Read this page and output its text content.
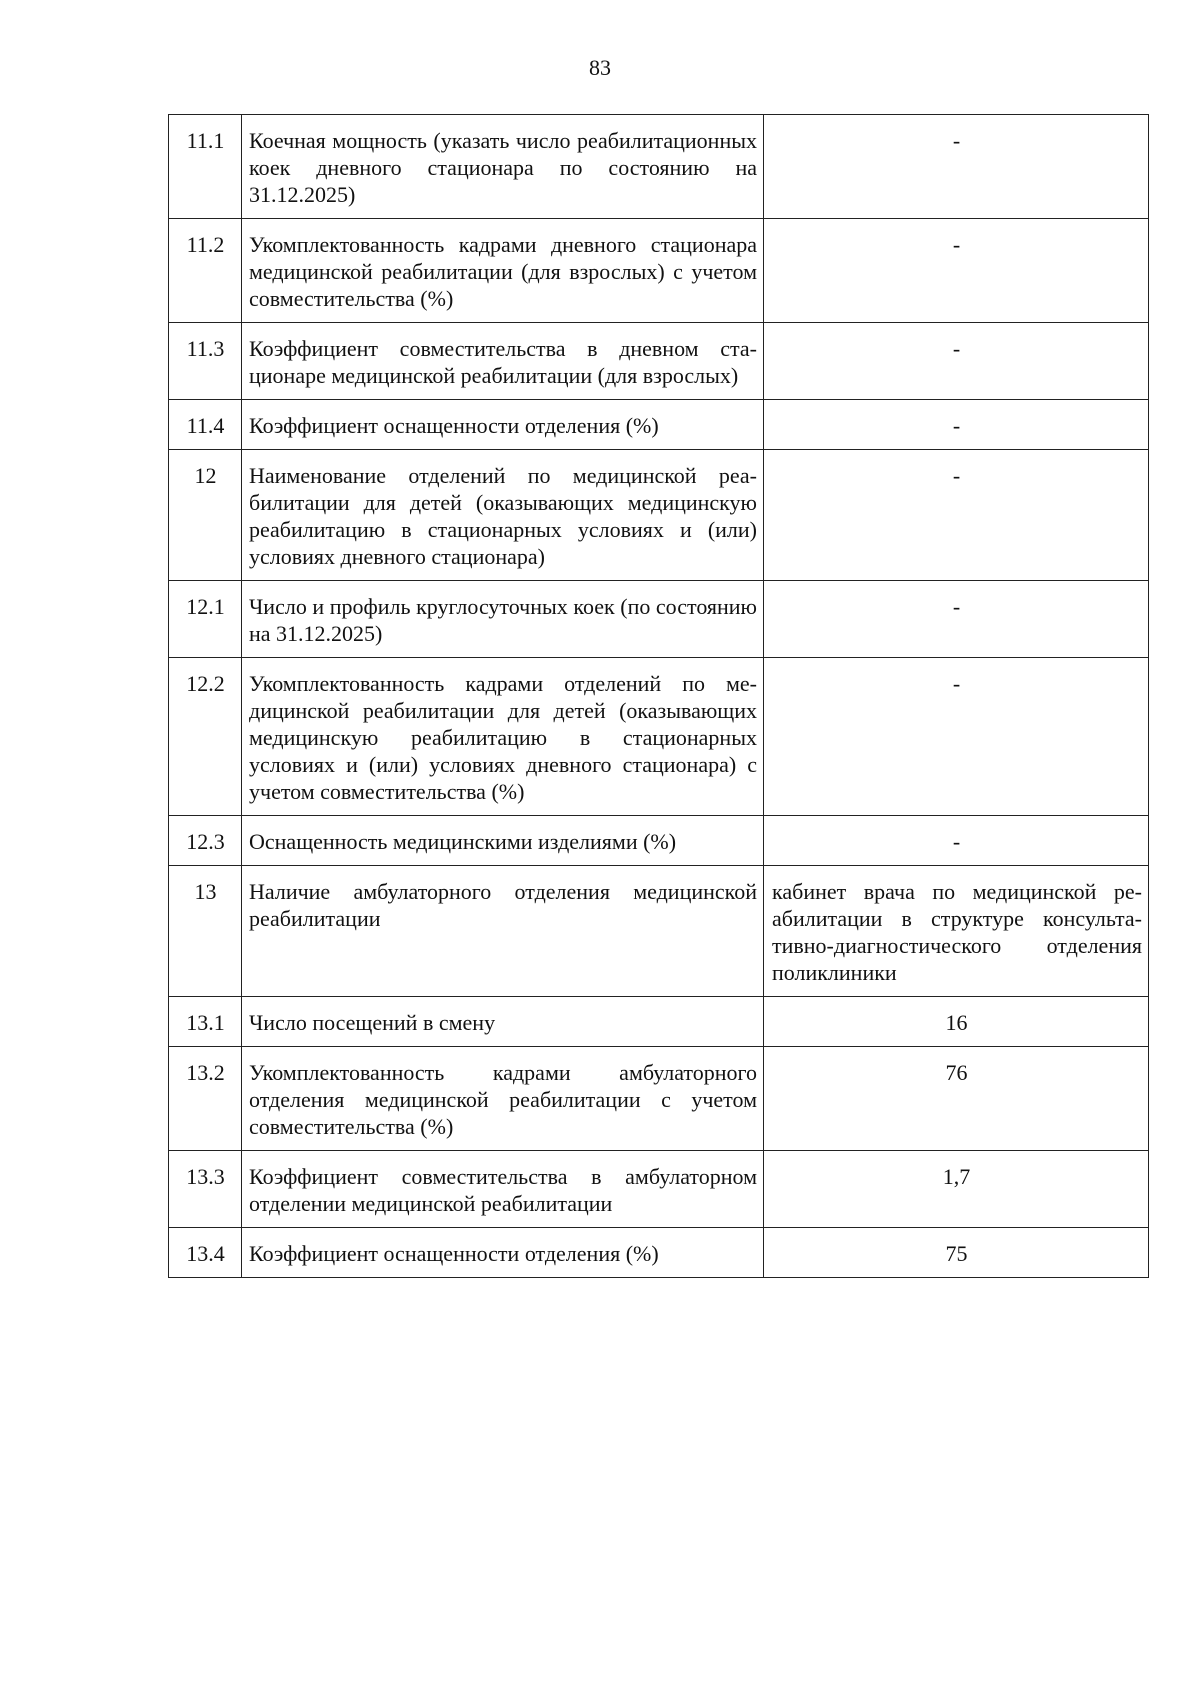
83
11.1	Коечная мощность (указать число реабилитационных коек дневного стационара по состоянию на 31.12.2025)	-
11.2	Укомплектованность кадрами дневного стационара медицинской реабилитации (для взрослых) с учетом совместительства (%)	-
11.3	Коэффициент совместительства в дневном стационаре медицинской реабилитации (для взрослых)	-
11.4	Коэффициент оснащенности отделения (%)	-
12	Наименование отделений по медицинской реабилитации для детей (оказывающих медицинскую реабилитацию в стационарных условиях и (или) условиях дневного стационара)	-
12.1	Число и профиль круглосуточных коек (по состоянию на 31.12.2025)	-
12.2	Укомплектованность кадрами отделений по медицинской реабилитации для детей (оказывающих медицинскую реабилитацию в стационарных условиях и (или) условиях дневного стационара) с учетом совместительства (%)	-
12.3	Оснащенность медицинскими изделиями (%)	-
13	Наличие амбулаторного отделения медицинской реабилитации	кабинет врача по медицинской реабилитации в структуре консультативно-диагностического отделения поликлиники
13.1	Число посещений в смену	16
13.2	Укомплектованность кадрами амбулаторного отделения медицинской реабилитации с учетом совместительства (%)	76
13.3	Коэффициент совместительства в амбулаторном отделении медицинской реабилитации	1,7
13.4	Коэффициент оснащенности отделения (%)	75
